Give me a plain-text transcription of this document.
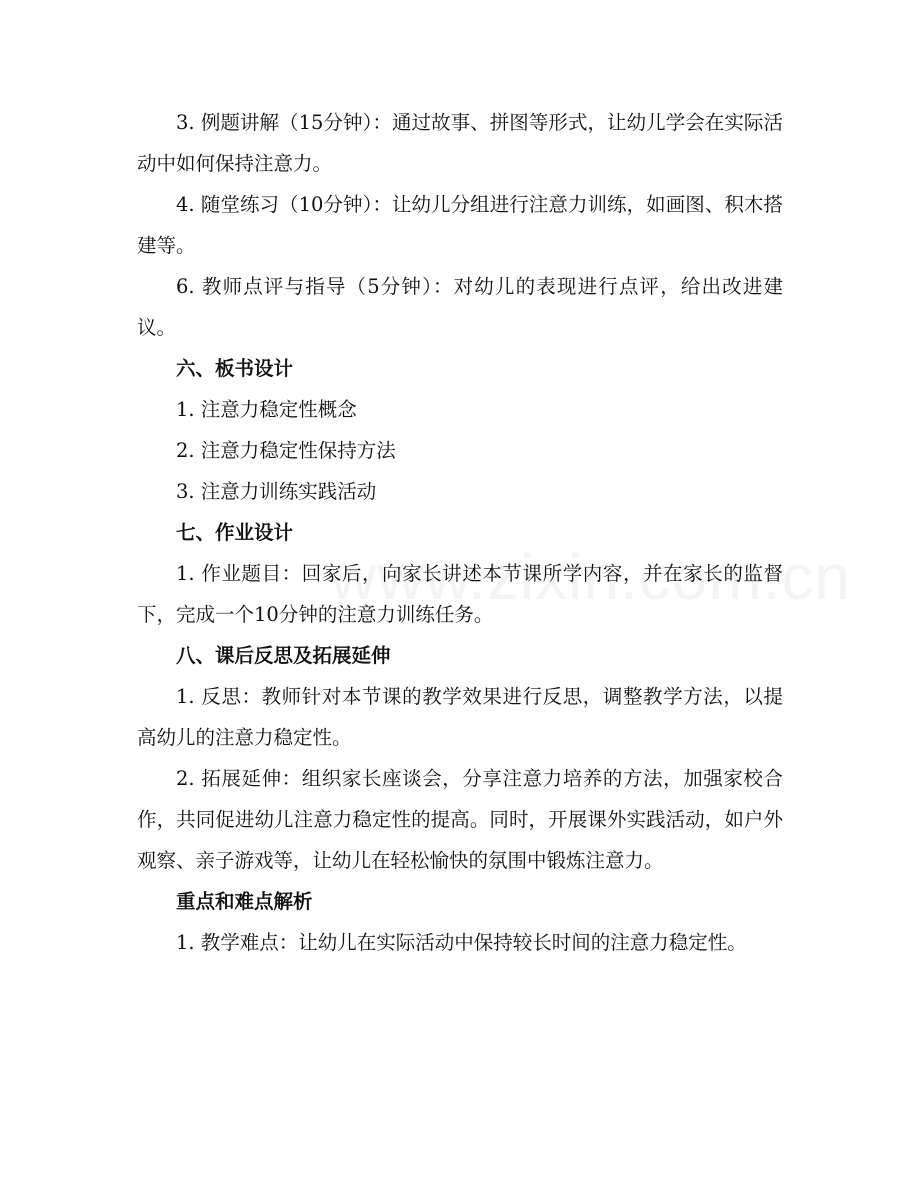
3. 例题讲解（15分钟）：通过故事、拼图等形式，让幼儿学会在实际活动中如何保持注意力。

4. 随堂练习（10分钟）：让幼儿分组进行注意力训练，如画图、积木搭建等。

6. 教师点评与指导（5分钟）：对幼儿的表现进行点评，给出改进建议。

六、板书设计

1. 注意力稳定性概念

2. 注意力稳定性保持方法

3. 注意力训练实践活动

七、作业设计

1. 作业题目：回家后，向家长讲述本节课所学内容，并在家长的监督下，完成一个10分钟的注意力训练任务。

八、课后反思及拓展延伸

1. 反思：教师针对本节课的教学效果进行反思，调整教学方法，以提高幼儿的注意力稳定性。

2. 拓展延伸：组织家长座谈会，分享注意力培养的方法，加强家校合作，共同促进幼儿注意力稳定性的提高。同时，开展课外实践活动，如户外观察、亲子游戏等，让幼儿在轻松愉快的氛围中锻炼注意力。

重点和难点解析

1. 教学难点：让幼儿在实际活动中保持较长时间的注意力稳定性。
